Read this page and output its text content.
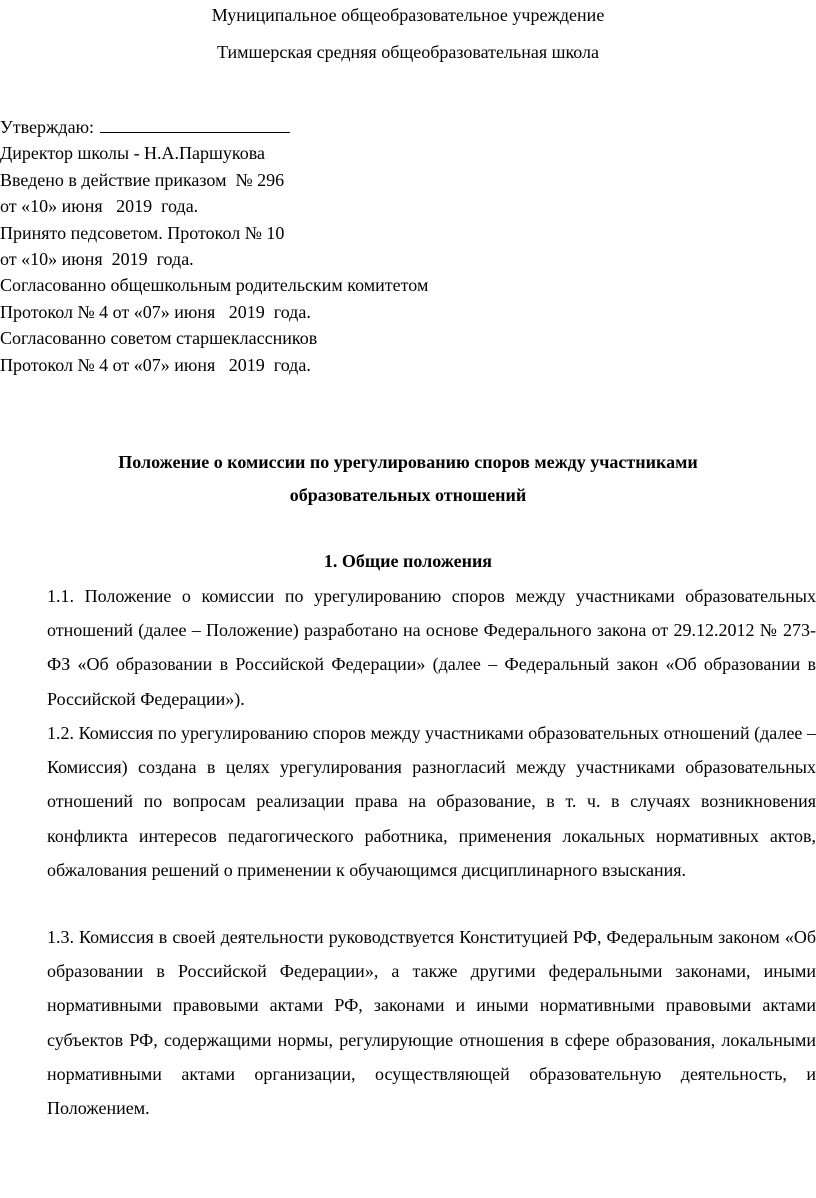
Муниципальное общеобразовательное учреждение
Тимшерская средняя общеобразовательная школа
Утверждаю:
Директор школы - Н.А.Паршукова
Введено в действие приказом  № 296
от «10» июня   2019  года.
Принято педсоветом. Протокол № 10
от «10» июня  2019  года.
Согласованно общешкольным родительским комитетом
Протокол № 4 от «07» июня   2019  года.
Согласованно советом старшеклассников
Протокол № 4 от «07» июня   2019  года.
Положение о комиссии по урегулированию споров между участниками
образовательных отношений
1. Общие положения
1.1. Положение о комиссии по урегулированию споров между участниками образовательных отношений (далее – Положение) разработано на основе Федерального закона от 29.12.2012 № 273-ФЗ «Об образовании в Российской Федерации» (далее – Федеральный закон «Об образовании в Российской Федерации»).
1.2. Комиссия по урегулированию споров между участниками образовательных отношений (далее – Комиссия) создана в целях урегулирования разногласий между участниками образовательных отношений по вопросам реализации права на образование, в т. ч. в случаях возникновения конфликта интересов педагогического работника, применения локальных нормативных актов, обжалования решений о применении к обучающимся дисциплинарного взыскания.
1.3. Комиссия в своей деятельности руководствуется Конституцией РФ, Федеральным законом «Об образовании в Российской Федерации», а также другими федеральными законами, иными нормативными правовыми актами РФ, законами и иными нормативными правовыми актами субъектов РФ, содержащими нормы, регулирующие отношения в сфере образования, локальными нормативными актами организации, осуществляющей образовательную деятельность, и Положением.
